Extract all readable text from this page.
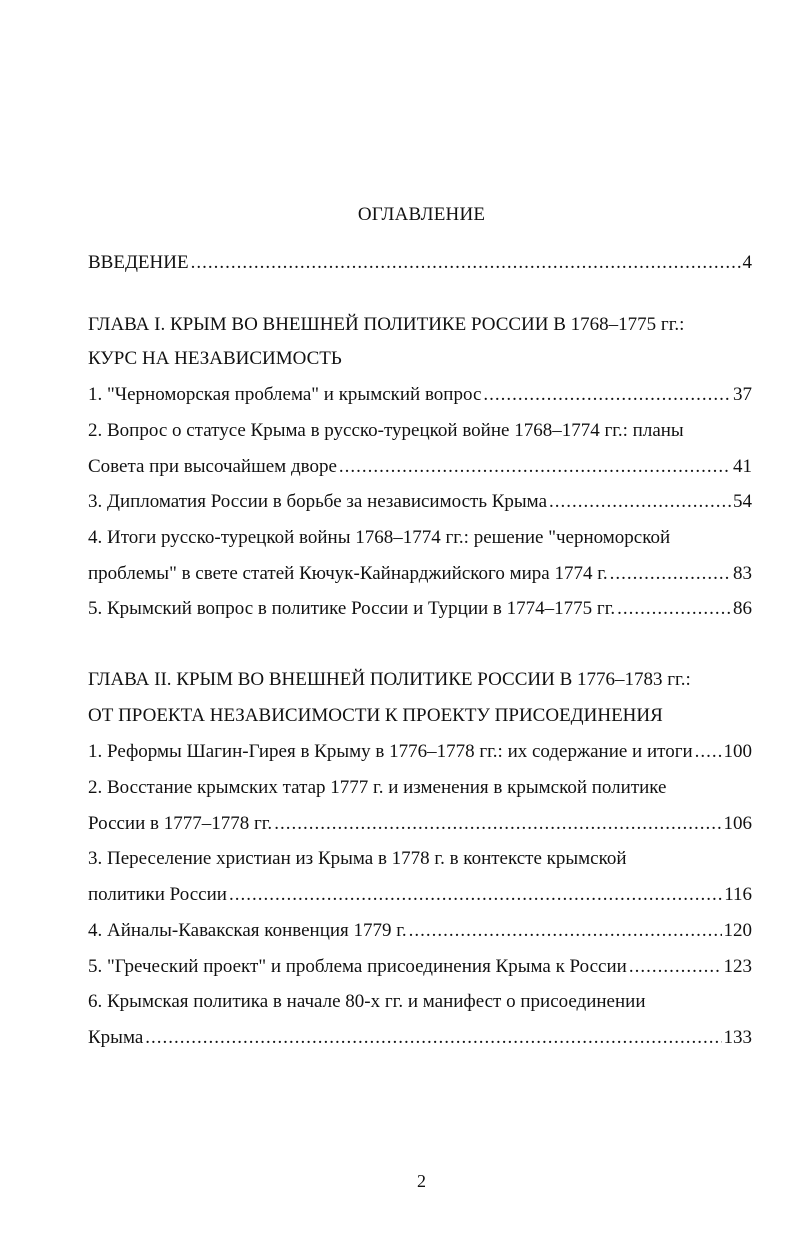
ОГЛАВЛЕНИЕ
ВВЕДЕНИЕ .....	4
ГЛАВА I. КРЫМ ВО ВНЕШНЕЙ ПОЛИТИКЕ РОССИИ В 1768–1775 гг.:
КУРС НА НЕЗАВИСИМОСТЬ
1. "Черноморская проблема" и крымский вопрос .....	37
2. Вопрос о статусе Крыма в русско-турецкой войне 1768–1774 гг.: планы
Совета при высочайшем дворе .....	41
3. Дипломатия России в борьбе за независимость Крыма .....	54
4. Итоги русско-турецкой войны 1768–1774 гг.: решение "черноморской
проблемы" в свете статей Кючук-Кайнарджийского мира 1774 г. .....	83
5. Крымский вопрос в политике России и Турции в 1774–1775 гг. .....	86
ГЛАВА II. КРЫМ ВО ВНЕШНЕЙ ПОЛИТИКЕ РОССИИ В 1776–1783 гг.:
ОТ ПРОЕКТА НЕЗАВИСИМОСТИ К ПРОЕКТУ ПРИСОЕДИНЕНИЯ
1. Реформы Шагин-Гирея в Крыму в 1776–1778 гг.: их содержание и итоги ..... 100
2. Восстание крымских татар 1777 г. и изменения в крымской политике
России в 1777–1778 гг. .....	106
3. Переселение христиан из Крыма в 1778 г. в контексте крымской
политики России .....	116
4. Айналы-Кавакская конвенция 1779 г. .....	120
5. "Греческий проект" и проблема присоединения Крыма к России .....	123
6. Крымская политика в начале 80-х гг. и манифест о присоединении
Крыма .....	133
2
